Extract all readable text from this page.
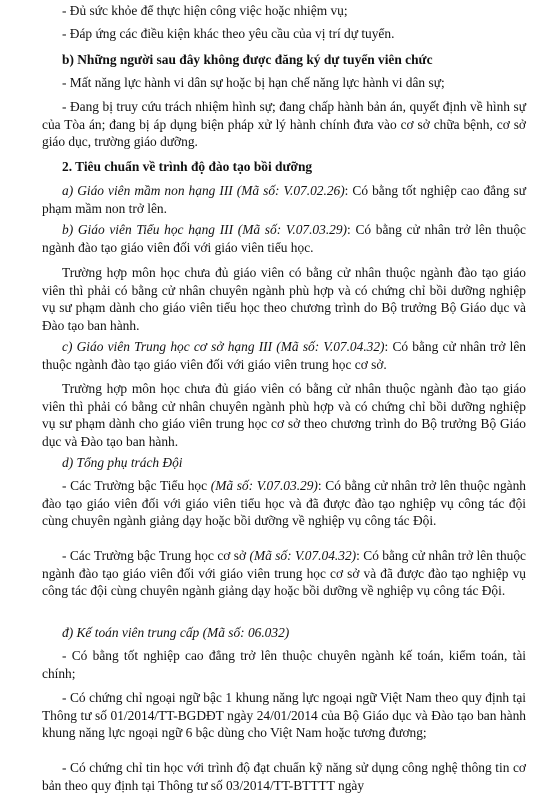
- Đủ sức khỏe để thực hiện công việc hoặc nhiệm vụ;

- Đáp ứng các điều kiện khác theo yêu cầu của vị trí dự tuyển.

b) Những người sau đây không được đăng ký dự tuyển viên chức

- Mất năng lực hành vi dân sự hoặc bị hạn chế năng lực hành vi dân sự;

- Đang bị truy cứu trách nhiệm hình sự; đang chấp hành bản án, quyết định về hình sự của Tòa án; đang bị áp dụng biện pháp xử lý hành chính đưa vào cơ sở chữa bệnh, cơ sở giáo dục, trường giáo dưỡng.

2. Tiêu chuẩn về trình độ đào tạo bồi dưỡng

a) Giáo viên mầm non hạng III (Mã số: V.07.02.26): Có bằng tốt nghiệp cao đẳng sư phạm mầm non trở lên.

b) Giáo viên Tiểu học hạng III (Mã số: V.07.03.29): Có bằng cử nhân trở lên thuộc ngành đào tạo giáo viên đối với giáo viên tiểu học.

Trường hợp môn học chưa đủ giáo viên có bằng cử nhân thuộc ngành đào tạo giáo viên thì phải có bằng cử nhân chuyên ngành phù hợp và có chứng chỉ bồi dưỡng nghiệp vụ sư phạm dành cho giáo viên tiểu học theo chương trình do Bộ trưởng Bộ Giáo dục và Đào tạo ban hành.

c) Giáo viên Trung học cơ sở hạng III (Mã số: V.07.04.32): Có bằng cử nhân trở lên thuộc ngành đào tạo giáo viên đối với giáo viên trung học cơ sở.

Trường hợp môn học chưa đủ giáo viên có bằng cử nhân thuộc ngành đào tạo giáo viên thì phải có bằng cử nhân chuyên ngành phù hợp và có chứng chỉ bồi dưỡng nghiệp vụ sư phạm dành cho giáo viên trung học cơ sở theo chương trình do Bộ trưởng Bộ Giáo dục và Đào tạo ban hành.

d) Tổng phụ trách Đội

- Các Trường bậc Tiểu học (Mã số: V.07.03.29): Có bằng cử nhân trở lên thuộc ngành đào tạo giáo viên đối với giáo viên tiểu học và đã được đào tạo nghiệp vụ công tác đội cùng chuyên ngành giảng dạy hoặc bồi dưỡng về nghiệp vụ công tác Đội.

- Các Trường bậc Trung học cơ sở (Mã số: V.07.04.32): Có bằng cử nhân trở lên thuộc ngành đào tạo giáo viên đối với giáo viên trung học cơ sở và đã được đào tạo nghiệp vụ công tác đội cùng chuyên ngành giảng dạy hoặc bồi dưỡng về nghiệp vụ công tác Đội.

đ) Kế toán viên trung cấp (Mã số: 06.032)

- Có bằng tốt nghiệp cao đẳng trở lên thuộc chuyên ngành kế toán, kiểm toán, tài chính;

- Có chứng chỉ ngoại ngữ bậc 1 khung năng lực ngoại ngữ Việt Nam theo quy định tại Thông tư số 01/2014/TT-BGDĐT ngày 24/01/2014 của Bộ Giáo dục và Đào tạo ban hành khung năng lực ngoại ngữ 6 bậc dùng cho Việt Nam hoặc tương đương;

- Có chứng chỉ tin học với trình độ đạt chuẩn kỹ năng sử dụng công nghệ thông tin cơ bản theo quy định tại Thông tư số 03/2014/TT-BTTTT ngày
